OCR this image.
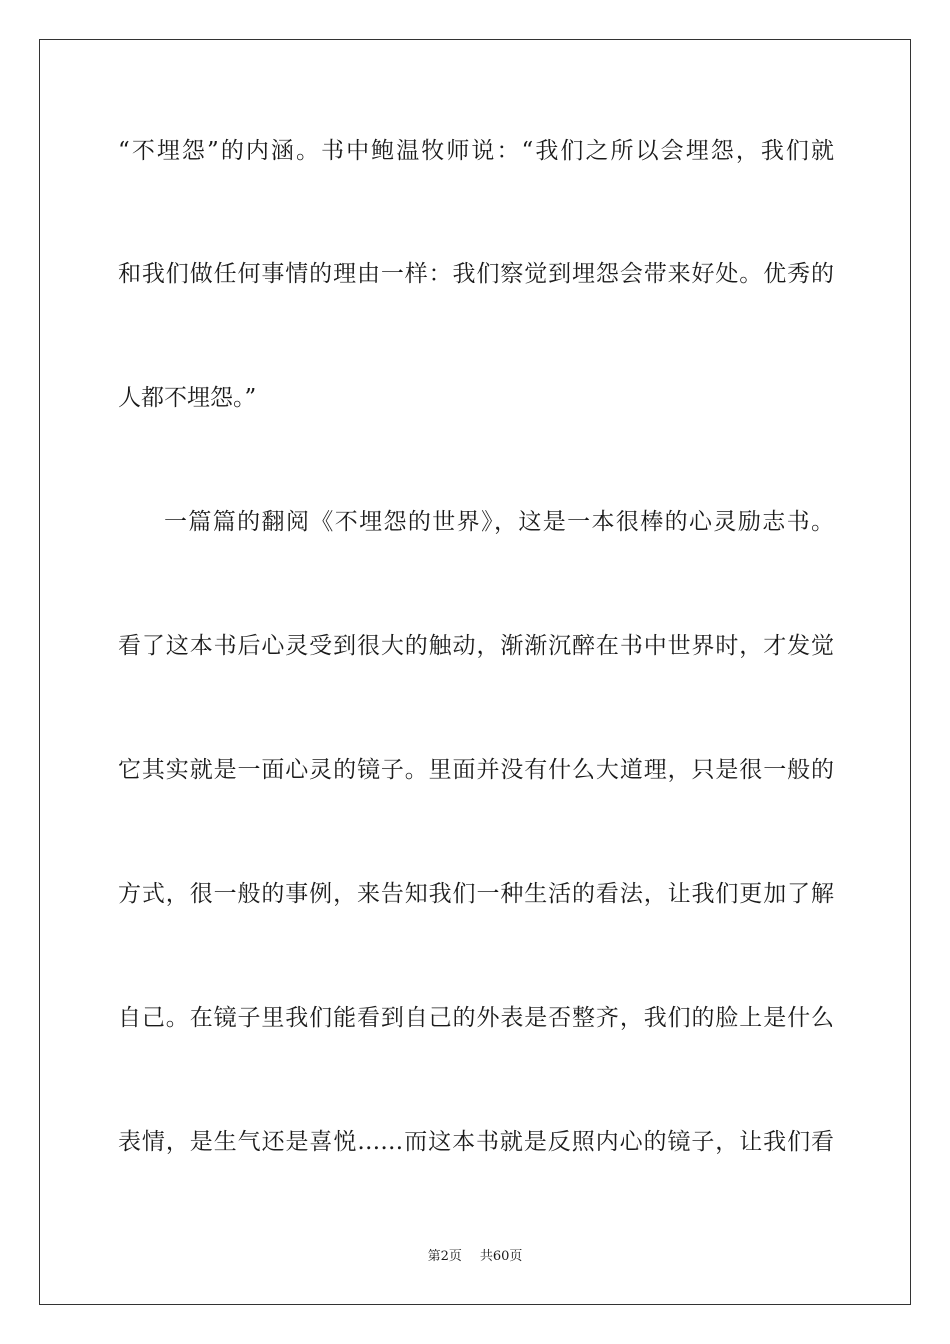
“不埋怨”的内涵。书中鲍温牧师说：“我们之所以会埋怨，我们就
和我们做任何事情的理由一样：我们察觉到埋怨会带来好处。优秀的
人都不埋怨。”
一篇篇的翻阅《不埋怨的世界》，这是一本很棒的心灵励志书。
看了这本书后心灵受到很大的触动，渐渐沉醉在书中世界时，才发觉
它其实就是一面心灵的镜子。里面并没有什么大道理，只是很一般的
方式，很一般的事例，来告知我们一种生活的看法，让我们更加了解
自己。在镜子里我们能看到自己的外表是否整齐，我们的脸上是什么
表情，是生气还是喜悦……而这本书就是反照内心的镜子，让我们看
第2页 共60页
